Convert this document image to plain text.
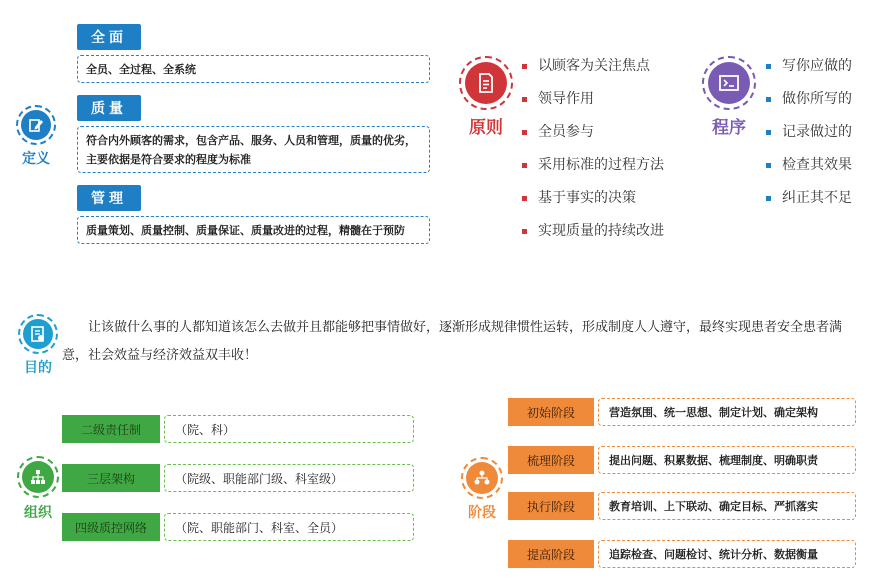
定义
全面
全员、全过程、全系统
质量
符合内外顾客的需求，包含产品、服务、人员和管理，质量的优劣，主要依据是符合要求的程度为标准
管理
质量策划、质量控制、质量保证、质量改进的过程，精髓在于预防
原则
以顾客为关注焦点
领导作用
全员参与
采用标准的过程方法
基于事实的决策
实现质量的持续改进
程序
写你应做的
做你所写的
记录做过的
检查其效果
纠正其不足
目的
让该做什么事的人都知道该怎么去做并且都能够把事情做好，逐渐形成规律惯性运转，形成制度人人遵守，最终实现患者安全患者满意，社会效益与经济效益双丰收！
组织
二级责任制	（院、科）
三层架构	（院级、职能部门级、科室级）
四级质控网络	（院、职能部门、科室、全员）
阶段
初始阶段	营造氛围、统一思想、制定计划、确定架构
梳理阶段	提出问题、积累数据、梳理制度、明确职责
执行阶段	教育培训、上下联动、确定目标、严抓落实
提高阶段	追踪检查、问题检讨、统计分析、数据衡量
